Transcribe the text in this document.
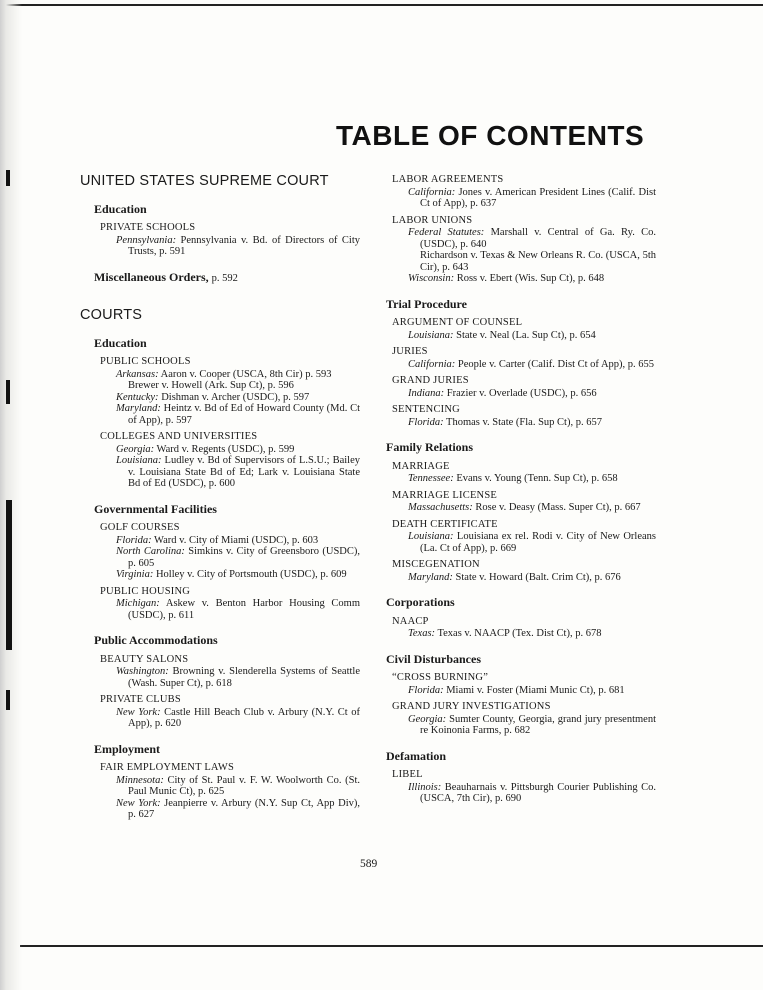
TABLE OF CONTENTS
UNITED STATES SUPREME COURT
Education
PRIVATE SCHOOLS
Pennsylvania: Pennsylvania v. Bd. of Directors of City Trusts, p. 591
Miscellaneous Orders, p. 592
COURTS
Education
PUBLIC SCHOOLS
Arkansas: Aaron v. Cooper (USCA, 8th Cir) p. 593
Brewer v. Howell (Ark. Sup Ct), p. 596
Kentucky: Dishman v. Archer (USDC), p. 597
Maryland: Heintz v. Bd of Ed of Howard County (Md. Ct of App), p. 597
COLLEGES AND UNIVERSITIES
Georgia: Ward v. Regents (USDC), p. 599
Louisiana: Ludley v. Bd of Supervisors of L.S.U.; Bailey v. Louisiana State Bd of Ed; Lark v. Louisiana State Bd of Ed (USDC), p. 600
Governmental Facilities
GOLF COURSES
Florida: Ward v. City of Miami (USDC), p. 603
North Carolina: Simkins v. City of Greensboro (USDC), p. 605
Virginia: Holley v. City of Portsmouth (USDC), p. 609
PUBLIC HOUSING
Michigan: Askew v. Benton Harbor Housing Comm (USDC), p. 611
Public Accommodations
BEAUTY SALONS
Washington: Browning v. Slenderella Systems of Seattle (Wash. Super Ct), p. 618
PRIVATE CLUBS
New York: Castle Hill Beach Club v. Arbury (N.Y. Ct of App), p. 620
Employment
FAIR EMPLOYMENT LAWS
Minnesota: City of St. Paul v. F. W. Woolworth Co. (St. Paul Munic Ct), p. 625
New York: Jeanpierre v. Arbury (N.Y. Sup Ct, App Div), p. 627
LABOR AGREEMENTS
California: Jones v. American President Lines (Calif. Dist Ct of App), p. 637
LABOR UNIONS
Federal Statutes: Marshall v. Central of Ga. Ry. Co. (USDC), p. 640
Richardson v. Texas & New Orleans R. Co. (USCA, 5th Cir), p. 643
Wisconsin: Ross v. Ebert (Wis. Sup Ct), p. 648
Trial Procedure
ARGUMENT OF COUNSEL
Louisiana: State v. Neal (La. Sup Ct), p. 654
JURIES
California: People v. Carter (Calif. Dist Ct of App), p. 655
GRAND JURIES
Indiana: Frazier v. Overlade (USDC), p. 656
SENTENCING
Florida: Thomas v. State (Fla. Sup Ct), p. 657
Family Relations
MARRIAGE
Tennessee: Evans v. Young (Tenn. Sup Ct), p. 658
MARRIAGE LICENSE
Massachusetts: Rose v. Deasy (Mass. Super Ct), p. 667
DEATH CERTIFICATE
Louisiana: Louisiana ex rel. Rodi v. City of New Orleans (La. Ct of App), p. 669
MISCEGENATION
Maryland: State v. Howard (Balt. Crim Ct), p. 676
Corporations
NAACP
Texas: Texas v. NAACP (Tex. Dist Ct), p. 678
Civil Disturbances
“CROSS BURNING”
Florida: Miami v. Foster (Miami Munic Ct), p. 681
GRAND JURY INVESTIGATIONS
Georgia: Sumter County, Georgia, grand jury presentment re Koinonia Farms, p. 682
Defamation
LIBEL
Illinois: Beauharnais v. Pittsburgh Courier Publishing Co. (USCA, 7th Cir), p. 690
589
